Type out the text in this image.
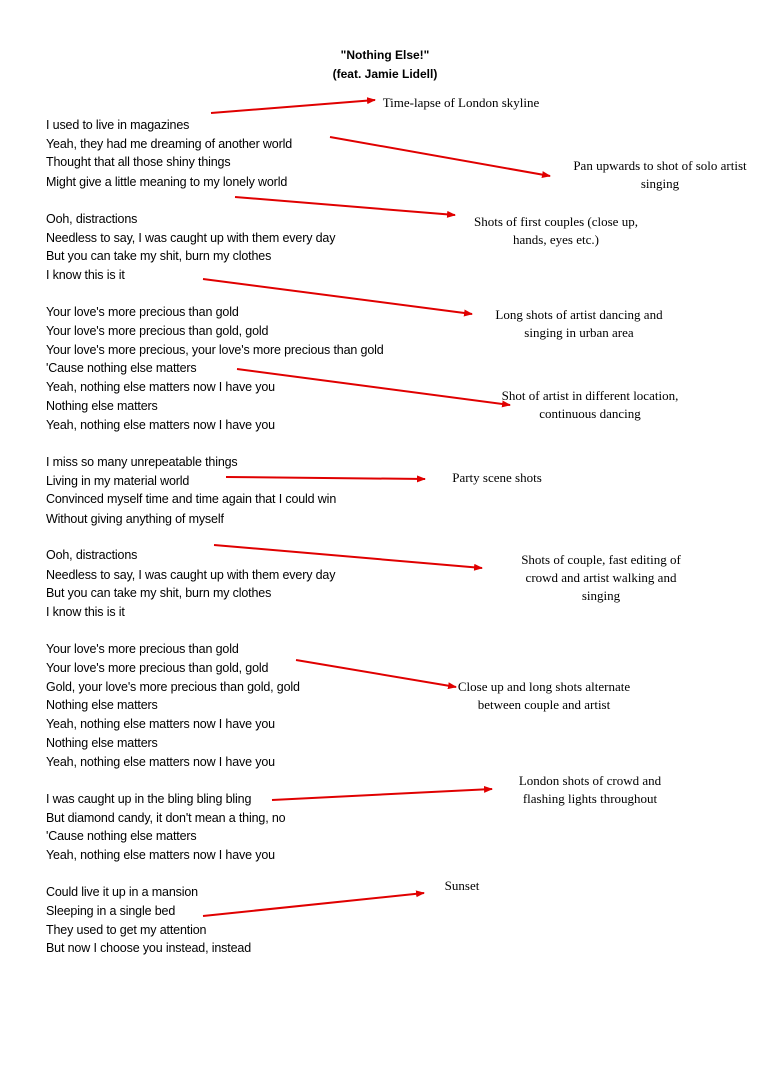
"Nothing Else!"
(feat. Jamie Lidell)
I used to live in magazines
Yeah, they had me dreaming of another world
Thought that all those shiny things
Might give a little meaning to my lonely world
Ooh, distractions
Needless to say, I was caught up with them every day
But you can take my shit, burn my clothes
I know this is it
Your love's more precious than gold
Your love's more precious than gold, gold
Your love's more precious, your love's more precious than gold
'Cause nothing else matters
Yeah, nothing else matters now I have you
Nothing else matters
Yeah, nothing else matters now I have you
I miss so many unrepeatable things
Living in my material world
Convinced myself time and time again that I could win
Without giving anything of myself
Ooh, distractions
Needless to say, I was caught up with them every day
But you can take my shit, burn my clothes
I know this is it
Your love's more precious than gold
Your love's more precious than gold, gold
Gold, your love's more precious than gold, gold
Nothing else matters
Yeah, nothing else matters now I have you
Nothing else matters
Yeah, nothing else matters now I have you
I was caught up in the bling bling bling
But diamond candy, it don't mean a thing, no
'Cause nothing else matters
Yeah, nothing else matters now I have you
Could live it up in a mansion
Sleeping in a single bed
They used to get my attention
But now I choose you instead, instead
Time-lapse of London skyline
Pan upwards to shot of solo artist
singing
Shots of first couples (close up,
hands, eyes etc.)
Long shots of artist dancing and
singing in urban area
Shot of artist in different location,
continuous dancing
Party scene shots
Shots of couple, fast editing of
crowd and artist walking and
singing
Close up and long shots alternate
between couple and artist
London shots of crowd and
flashing lights throughout
Sunset
